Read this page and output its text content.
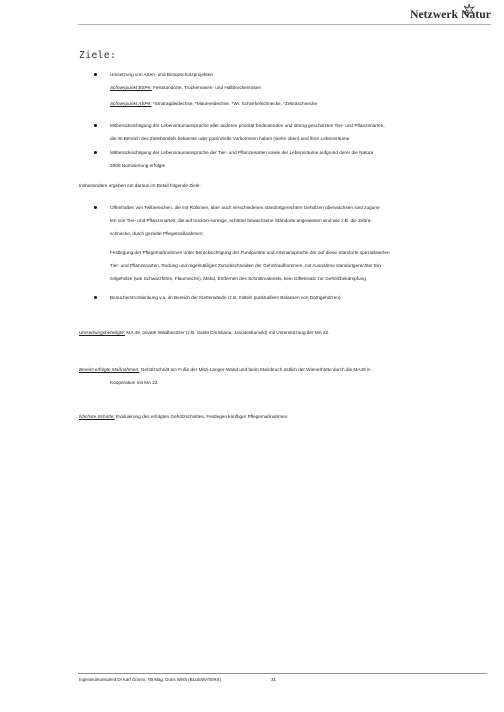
Netzwerk Natur
Ziele:
Umsetzung von Arten- und Biotopschutzprojekten
Schwerpunkt BSPe: Felsstandorte, Trockenrasen- und Halbtrockenrasen
Schwerpunkt ASPe: *Smaragdeidechse, *Mauereidechse, *Wr. Schnirkelschnecke, *Zebraschnecke
Mitberücksichtigung der Lebensraumansprüche aller anderen prioritär bedeutenden und streng geschützten Tier- und Pflanzenarten,
die im Bereich des Zielebündels bekannte oder potenzielle Vorkommen haben (siehe oben) und ihrer Lebensräume
Mitberücksichtigung der Lebensraumansprüche der Tier- und Pflanzenarten sowie der Lebensräume aufgrund derer die Natura
2000 Nominierung erfolgte
Insbesondere ergeben ein daraus im Detail folgende Ziele:
Offenhalten von Teilbereichen, die mit Robinien, aber auch verschiedenen standortgerechten Gehölzen überwachsen sind zuguns-
ten von Tier- und Pflanzenarten, die auf trocken-sonnige, schütter bewachsene Standorte angewiesen sind wie z.B. die Zebra-
schnecke, durch gezielte Pflegemaßnahmen:
Festlegung der Pflegemaßnahmen unter Berücksichtigung der Fundpunkte und Artenansprüche der auf diese Standorte spezialisierten
Tier- und Pflanzenarten, Rodung und regelmäßiges Zurückschneiden der Gehölzaufkommen, mit Ausnahme standortgerechter Ein-
zelgehölze (wie Schwarzföhre, Flaumeiche), Mahd, Entfernen des Schnittmateriels, kein Gifteinsatz zur Gehölzbekämpfung
Besucherstromlenkung v.a. im Bereich der Kletterwände (z.B. mittels punktuellem Belassen von Dorngehölzen)
Umsetzungsbeteiligte: MA 49, private Waldbesitzer (z.B. Sankt Christiana, Jesuitenkonvikt) mit Unterstützung der MA 22.
Bereits erfolgte Maßnahmen: Gehölzschnitt am Fuße der Mitzi-Langer-Wand und beim Steinbruch östlich der Wienerhütte durch die MA49 in
Kooperation mit MA 22.
Nächste Schritte: Evaluierung des erfolgten Gehölzschnittes, Festlegen künftiger Pflegemaßnahmen.
Ingenieurkonsulent DI Karl Grimm, TB Mag. Doris Wirth (BLUEWATERS)	31
